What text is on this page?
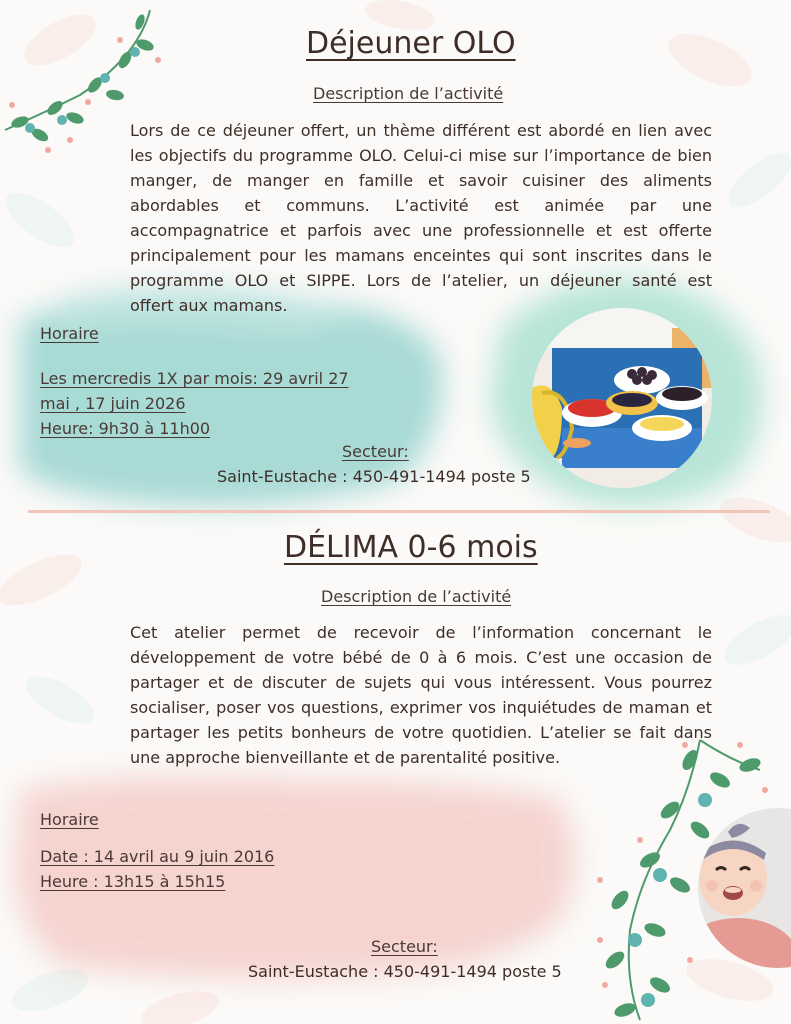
Déjeuner OLO
Description de l’activité
Lors de ce déjeuner offert, un thème différent est abordé en lien avec
les objectifs du programme OLO. Celui-ci mise sur l’importance de bien
manger, de manger en famille et savoir cuisiner des aliments
abordables et communs. L’activité est animée par une
accompagnatrice et parfois avec une professionnelle et est offerte
principalement pour les mamans enceintes qui sont inscrites dans le
programme OLO et SIPPE. Lors de l’atelier, un déjeuner santé est
offert aux mamans.
Horaire
Les mercredis 1X par mois: 29 avril 27
mai , 17 juin 2026
Heure: 9h30 à 11h00
Secteur:
Saint-Eustache : 450-491-1494 poste 5
DÉLIMA 0-6 mois
Description de l’activité
Cet atelier permet de recevoir de l’information concernant le
développement de votre bébé de 0 à 6 mois. C’est une occasion de
partager et de discuter de sujets qui vous intéressent. Vous pourrez
socialiser, poser vos questions, exprimer vos inquiétudes de maman et
partager les petits bonheurs de votre quotidien. L’atelier se fait dans
une approche bienveillante et de parentalité positive.
Horaire
Date : 14 avril au 9 juin 2016
Heure : 13h15 à 15h15
Secteur:
Saint-Eustache : 450-491-1494 poste 5
